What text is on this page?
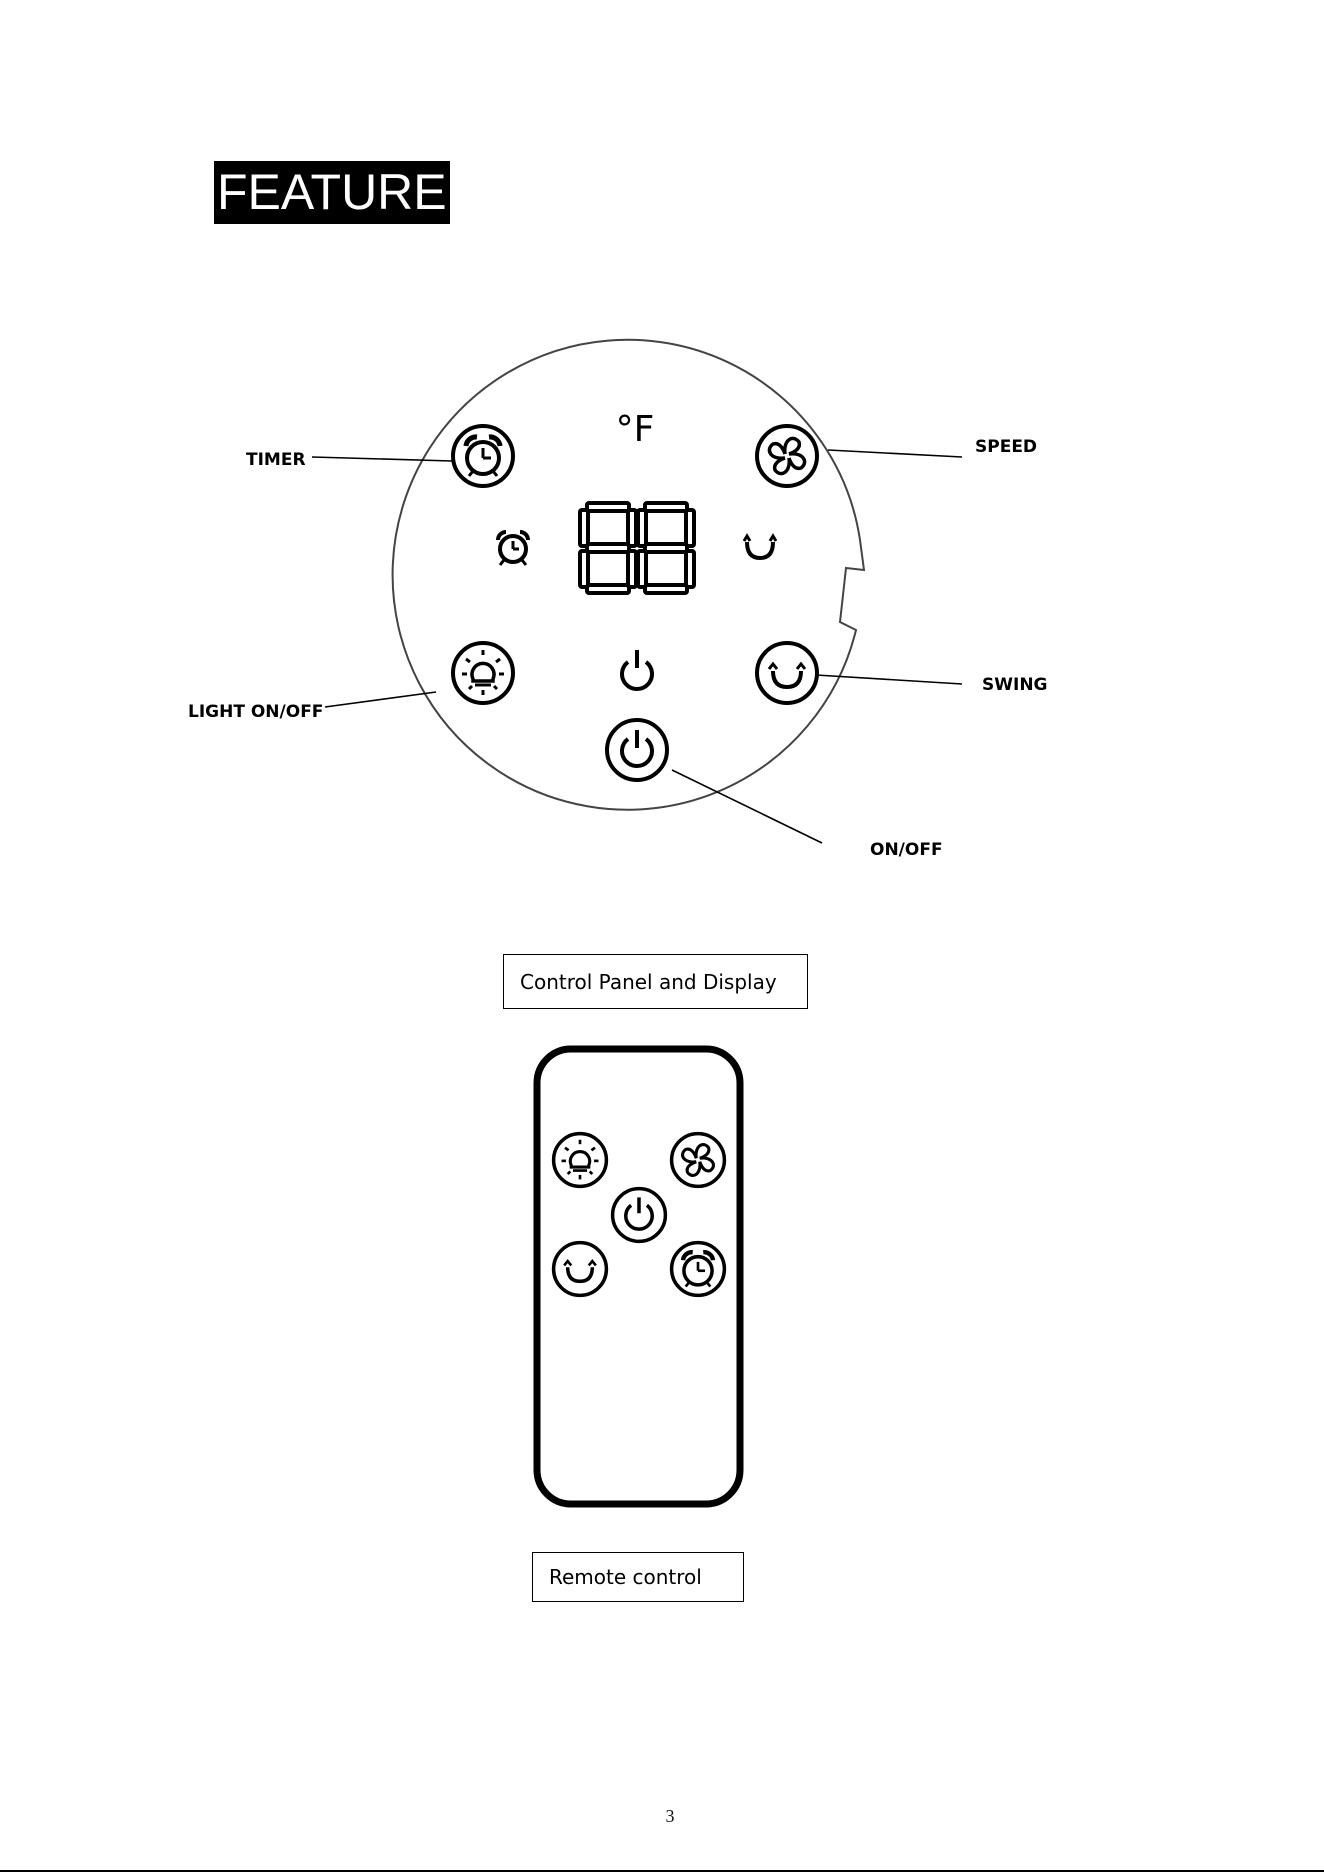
FEATURE
°F
TIMER
SPEED
LIGHT ON/OFF
SWING
ON/OFF
Control Panel and Display
Remote control
3
